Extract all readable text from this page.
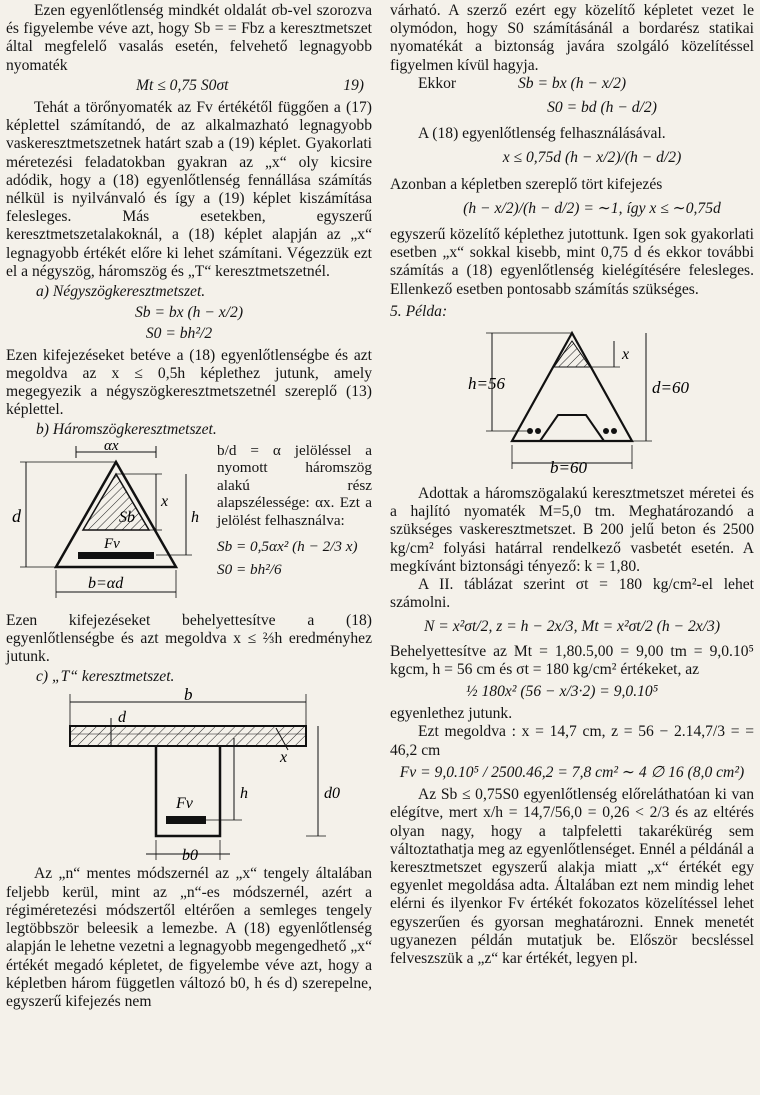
Ezen egyenlőtlenség mindkét oldalát σb-vel szorozva és figyelembe véve azt, hogy Sb = = Fbz a keresztmetszet által megfelelő vasalás esetén, felvehető legnagyobb nyomaték

Mt ≤ 0,75 S0σt	19)

Tehát a törőnyomaték az Fv értékétől függően a (17) képlettel számítandó, de az alkalmazható legnagyobb vaskeresztmetszetnek határt szab a (19) képlet. Gyakorlati méretezési feladatokban gyakran az „x“ oly kicsire adódik, hogy a (18) egyenlőtlenség fennállása számítás nélkül is nyilvánvaló és így a (19) képlet kiszámítása felesleges. Más esetekben, egyszerű keresztmetszetalakoknál, a (18) képlet alapján az „x“ legnagyobb értékét előre ki lehet számítani. Végezzük ezt el a négyszög, háromszög és „T“ keresztmetszetnél.

a) Négyszögkeresztmetszet.

Sb = bx (h − x/2)
S0 = bh²/2

Ezen kifejezéseket betéve a (18) egyenlőtlenségbe és azt megoldva az x ≤ 0,5h képlethez jutunk, amely megegyezik a négyszögkeresztmetszetnél szereplő (13) képlettel.

b) Háromszögkeresztmetszet.

αx
Sb
Fv
d
x
h
b=αd

b/d = α jelöléssel a nyomott háromszög alakú rész alapszélessége: αx. Ezt a jelölést felhasználva:

Sb = 0,5αx² (h − 2/3 x)
S0 = bh²/6

Ezen kifejezéseket behelyettesítve a (18) egyenlőtlenségbe és azt megoldva x ≤ ⅔h eredményhez jutunk.

c) „T“ keresztmetszet.

b
d
x
Fv
h	d0
b0

Az „n“ mentes módszernél az „x“ tengely általában feljebb kerül, mint az „n“-es módszernél, azért a régiméretezési módszertől eltérően a semleges tengely legtöbbször beleesik a lemezbe. A (18) egyenlőtlenség alapján le lehetne vezetni a legnagyobb megengedhető „x“ értékét megadó képletet, de figyelembe véve azt, hogy a képletben három független változó b0, h és d) szerepelne, egyszerű kifejezés nem

várható. A szerző ezért egy közelítő képletet vezet le olymódon, hogy S0 számításánál a bordarész statikai nyomatékát a biztonság javára szolgáló közelítéssel figyelmen kívül hagyja.

Ekkor	Sb = bx (h − x/2)
S0 = bd (h − d/2)

A (18) egyenlőtlenség felhasználásával.

x ≤ 0,75d (h − x/2)/(h − d/2)

Azonban a képletben szereplő tört kifejezés

(h − x/2)/(h − d/2) = ∼1, így x ≤ ∼0,75d

egyszerű közelítő képlethez jutottunk. Igen sok gyakorlati esetben „x“ sokkal kisebb, mint 0,75 d és ekkor további számítás a (18) egyenlőtlenség kielégítésére felesleges. Ellenkező esetben pontosabb számítás szükséges.

5. Példa:

h=56
x
d=60
b=60

Adottak a háromszögalakú keresztmetszet méretei és a hajlító nyomaték M=5,0 tm. Meghatározandó a szükséges vaskeresztmetszet. B 200 jelű beton és 2500 kg/cm² folyási határral rendelkező vasbetét esetén. A megkívánt biztonsági tényező: k = 1,80.

A II. táblázat szerint σt = 180 kg/cm²-el lehet számolni.

N = x²σt/2, z = h − 2x/3, Mt = x²σt/2 (h − 2x/3)

Behelyettesítve az Mt = 1,80.5,00 = 9,00 tm = 9,0.10⁵ kgcm, h = 56 cm és σt = 180 kg/cm² értékeket, az

½ 180x² (56 − x/3·2) = 9,0.10⁵

egyenlethez jutunk.

Ezt megoldva : x = 14,7 cm, z = 56 − 2.14,7/3 = = 46,2 cm

Fv = 9,0.10⁵ / 2500.46,2 = 7,8 cm² ∼ 4 ∅ 16 (8,0 cm²)

Az Sb ≤ 0,75S0 egyenlőtlenség előreláthatóan ki van elégítve, mert x/h = 14,7/56,0 = 0,26 < 2/3 és az eltérés olyan nagy, hogy a talpfeletti takarékürég sem változtathatja meg az egyenlőtlenséget. Ennél a példánál a keresztmetszet egyszerű alakja miatt „x“ értékét egy egyenlet megoldása adta. Általában ezt nem mindig lehet elérni és ilyenkor Fv értékét fokozatos közelítéssel lehet egyszerűen és gyorsan meghatározni. Ennek menetét ugyanezen példán mutatjuk be. Először becsléssel felveszszük a „z“ kar értékét, legyen pl.
